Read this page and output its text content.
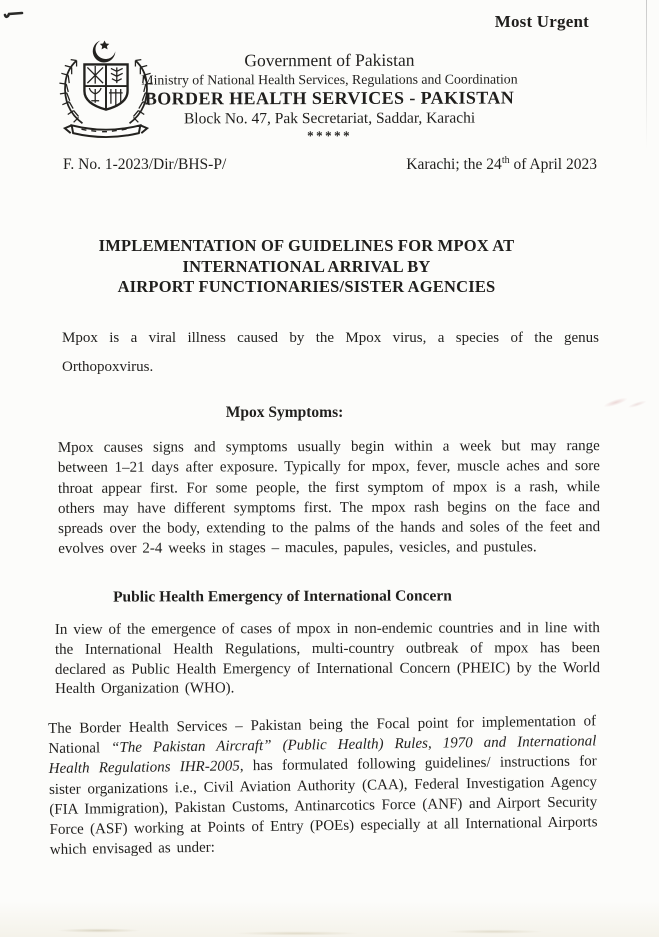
Most Urgent
Government of Pakistan
Ministry of National Health Services, Regulations and Coordination
BORDER HEALTH SERVICES - PAKISTAN
Block No. 47, Pak Secretariat, Saddar, Karachi
*****
F. No. 1-2023/Dir/BHS-P/	Karachi; the 24th of April 2023
IMPLEMENTATION OF GUIDELINES FOR MPOX AT
INTERNATIONAL ARRIVAL BY
AIRPORT FUNCTIONARIES/SISTER AGENCIES

Mpox is a viral illness caused by the Mpox virus, a species of the genus Orthopoxvirus.

Mpox Symptoms:

Mpox causes signs and symptoms usually begin within a week but may range between 1–21 days after exposure. Typically for mpox, fever, muscle aches and sore throat appear first. For some people, the first symptom of mpox is a rash, while others may have different symptoms first. The mpox rash begins on the face and spreads over the body, extending to the palms of the hands and soles of the feet and evolves over 2-4 weeks in stages – macules, papules, vesicles, and pustules.

Public Health Emergency of International Concern

In view of the emergence of cases of mpox in non-endemic countries and in line with the International Health Regulations, multi-country outbreak of mpox has been declared as Public Health Emergency of International Concern (PHEIC) by the World Health Organization (WHO).

The Border Health Services – Pakistan being the Focal point for implementation of National “The Pakistan Aircraft” (Public Health) Rules, 1970 and International Health Regulations IHR-2005, has formulated following guidelines/ instructions for sister organizations i.e., Civil Aviation Authority (CAA), Federal Investigation Agency (FIA Immigration), Pakistan Customs, Antinarcotics Force (ANF) and Airport Security Force (ASF) working at Points of Entry (POEs) especially at all International Airports which envisaged as under:
